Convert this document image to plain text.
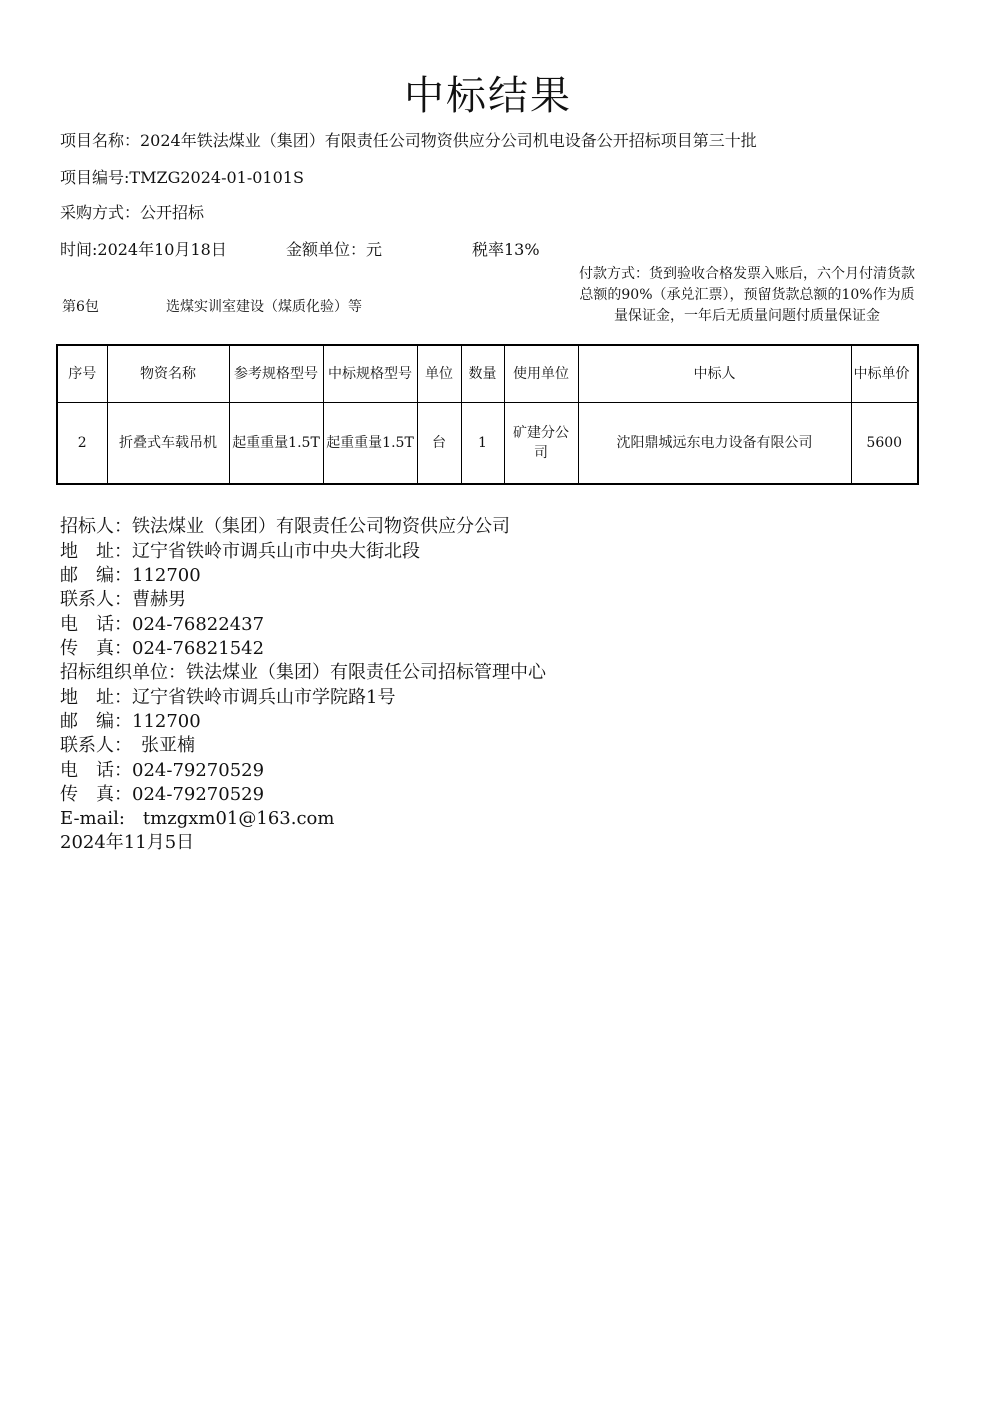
中标结果
项目名称：2024年铁法煤业（集团）有限责任公司物资供应分公司机电设备公开招标项目第三十批
项目编号:TMZG2024-01-0101S
采购方式：公开招标
时间:2024年10月18日	金额单位：元	税率13%
付款方式：货到验收合格发票入账后，六个月付清货款总额的90%（承兑汇票），预留货款总额的10%作为质量保证金，一年后无质量问题付质量保证金
第6包	选煤实训室建设（煤质化验）等
序号	物资名称	参考规格型号	中标规格型号	单位	数量	使用单位	中标人	中标单价
2	折叠式车载吊机	起重重量1.5T	起重重量1.5T	台	1	矿建分公司	沈阳鼎城远东电力设备有限公司	5600
招标人：铁法煤业（集团）有限责任公司物资供应分公司
地　址：辽宁省铁岭市调兵山市中央大街北段
邮　编：112700
联系人：曹赫男
电　话：024-76822437
传　真：024-76821542
招标组织单位：铁法煤业（集团）有限责任公司招标管理中心
地　址：辽宁省铁岭市调兵山市学院路1号
邮　编：112700
联系人：　张亚楠
电　话：024-79270529
传　真：024-79270529
E-mail:　tmzgxm01@163.com
2024年11月5日
